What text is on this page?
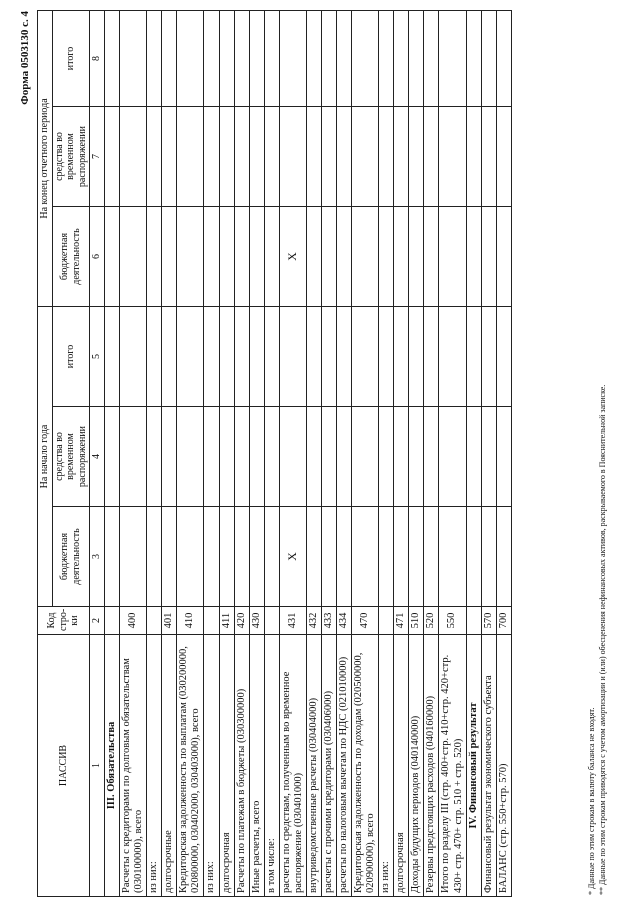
Форма 0503130 с. 4
ПАССИВ	Код стро- ки	На начало года			На конец отчетного периода		
		бюджетная деятельность	средства во временном распоряжении	итого	бюджетная деятельность	средства во временном распоряжении	итого
1	2	3	4	5	6	7	8
III. Обязательства							
Расчеты с кредиторами по долговым обязательствам (030100000), всего	400						
из них:							
долгосрочные	401						
Кредиторская задолженность по выплатам (030200000, 020800000, 030402000, 030403000), всего	410						
из них:							
долгосрочная	411						
Расчеты по платежам в бюджеты (030300000)	420						
Иные расчеты, всего	430						
в том числе:							
расчеты по средствам, полученным во временное распоряжение (030401000)	431	X			X		
внутриведомственные расчеты (030404000)	432						
расчеты с прочими кредиторами (030406000)	433						
расчеты по налоговым вычетам по НДС (021010000)	434						
Кредиторская задолженность по доходам (020500000, 020900000), всего	470						
из них:							
долгосрочная	471						
Доходы будущих периодов (040140000)	510						
Резервы предстоящих расходов (040160000)	520						
Итого по разделу III (стр. 400+стр. 410+стр. 420+стр. 430+ стр. 470+ стр. 510 + стр. 520)	550						
IV. Финансовый результат							
Финансовый результат экономического субъекта	570						
БАЛАНС (стр. 550+стр. 570)	700						
* Данные по этим строкам в валюту баланса не входят. ** Данные по этим строкам приводятся с учетом амортизации и (или) обесценения нефинансовых активов, раскрываемого в Пояснительной записке.
